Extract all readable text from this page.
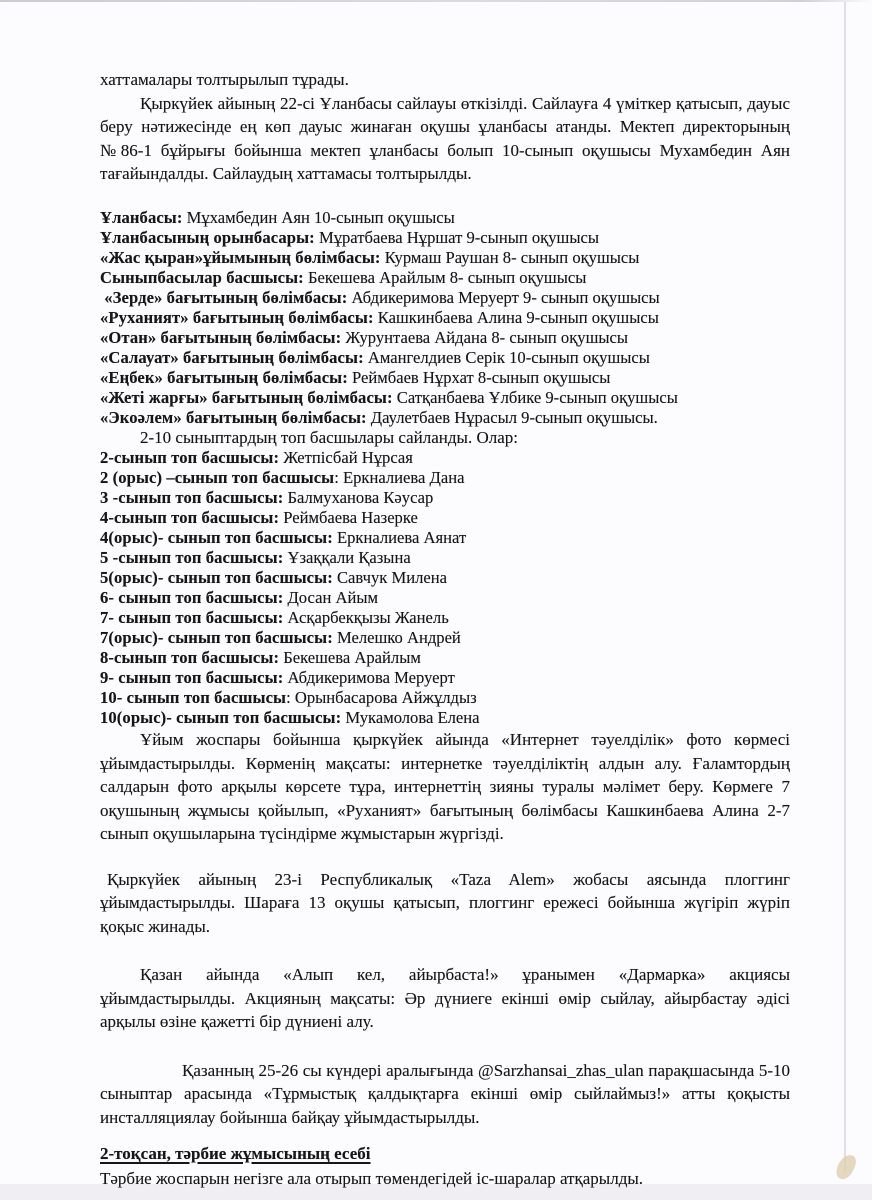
хаттамалары толтырылып тұрады.

Қыркүйек айының 22-сі Ұланбасы сайлауы өткізілді. Сайлауға 4 үміткер қатысып, дауыс беру нәтижесінде ең көп дауыс жинаған оқушы ұланбасы атанды. Мектеп директорының №86-1 бұйрығы бойынша мектеп ұланбасы болып 10-сынып оқушысы Мухамбедин Аян тағайындалды. Сайлаудың хаттамасы толтырылды.

Ұланбасы: Мұхамбедин Аян 10-сынып оқушысы
Ұланбасының орынбасары: Мұратбаева Нұршат 9-сынып оқушысы
«Жас қыран»ұйымының бөлімбасы: Курмаш Раушан 8- сынып оқушысы
Сыныпбасылар басшысы: Бекешева Арайлым 8- сынып оқушысы
«Зерде» бағытының бөлімбасы: Абдикеримова Меруерт 9- сынып оқушысы
«Руханият» бағытының бөлімбасы: Кашкинбаева Алина 9-сынып оқушысы
«Отан» бағытының бөлімбасы: Журунтаева Айдана 8- сынып оқушысы
«Салауат» бағытының бөлімбасы: Амангелдиев Серік 10-сынып оқушысы
«Еңбек» бағытының бөлімбасы: Реймбаев Нұрхат 8-сынып оқушысы
«Жеті жарғы» бағытының бөлімбасы: Сатқанбаева Ұлбике 9-сынып оқушысы
«Экоәлем» бағытының бөлімбасы: Даулетбаев Нұрасыл 9-сынып оқушысы.

2-10 сыныптардың топ басшылары сайланды. Олар:

2-сынып топ басшысы: Жетпісбай Нұрсая
2 (орыс) –сынып топ басшысы: Еркналиева Дана
3 -сынып топ басшысы: Балмуханова Кәусар
4-сынып топ басшысы: Реймбаева Назерке
4(орыс)- сынып топ басшысы: Еркналиева Аянат
5 -сынып топ басшысы: Ұзаққали Қазына
5(орыс)- сынып топ басшысы: Савчук Милена
6- сынып топ басшысы: Досан Айым
7- сынып топ басшысы: Асқарбекқызы Жанель
7(орыс)- сынып топ басшысы: Мелешко Андрей
8-сынып топ басшысы: Бекешева Арайлым
9- сынып топ басшысы: Абдикеримова Меруерт
10- сынып топ басшысы: Орынбасарова Айжұлдыз
10(орыс)- сынып топ басшысы: Мукамолова Елена

Ұйым жоспары бойынша қыркүйек айында «Интернет тәуелділік» фото көрмесі ұйымдастырылды. Көрменің мақсаты: интернетке тәуелділіктің алдын алу. Ғаламтордың салдарын фото арқылы көрсете тұра, интернеттің зияны туралы мәлімет беру. Көрмеге 7 оқушының жұмысы қойылып, «Руханият» бағытының бөлімбасы Кашкинбаева Алина 2-7 сынып оқушыларына түсіндірме жұмыстарын жүргізді.

Қыркүйек айының 23-і Республикалық «Taza Alem» жобасы аясында плоггинг ұйымдастырылды. Шараға 13 оқушы қатысып, плоггинг ережесі бойынша жүгіріп жүріп қоқыс жинады.

Қазан айында «Алып кел, айырбаста!» ұранымен «Дармарка» акциясы ұйымдастырылды. Акцияның мақсаты: Әр дүниеге екінші өмір сыйлау, айырбастау әдісі арқылы өзіне қажетті бір дүниені алу.

Қазанның 25-26 сы күндері аралығында @Sarzhansai_zhas_ulan парақшасында 5-10 сыныптар арасында «Тұрмыстық қалдықтарға екінші өмір сыйлаймыз!» атты қоқысты инсталляциялау бойынша байқау ұйымдастырылды.

2-тоқсан, тәрбие жұмысының есебі

Тәрбие жоспарын негізге ала отырып төмендегідей іс-шаралар атқарылды.
